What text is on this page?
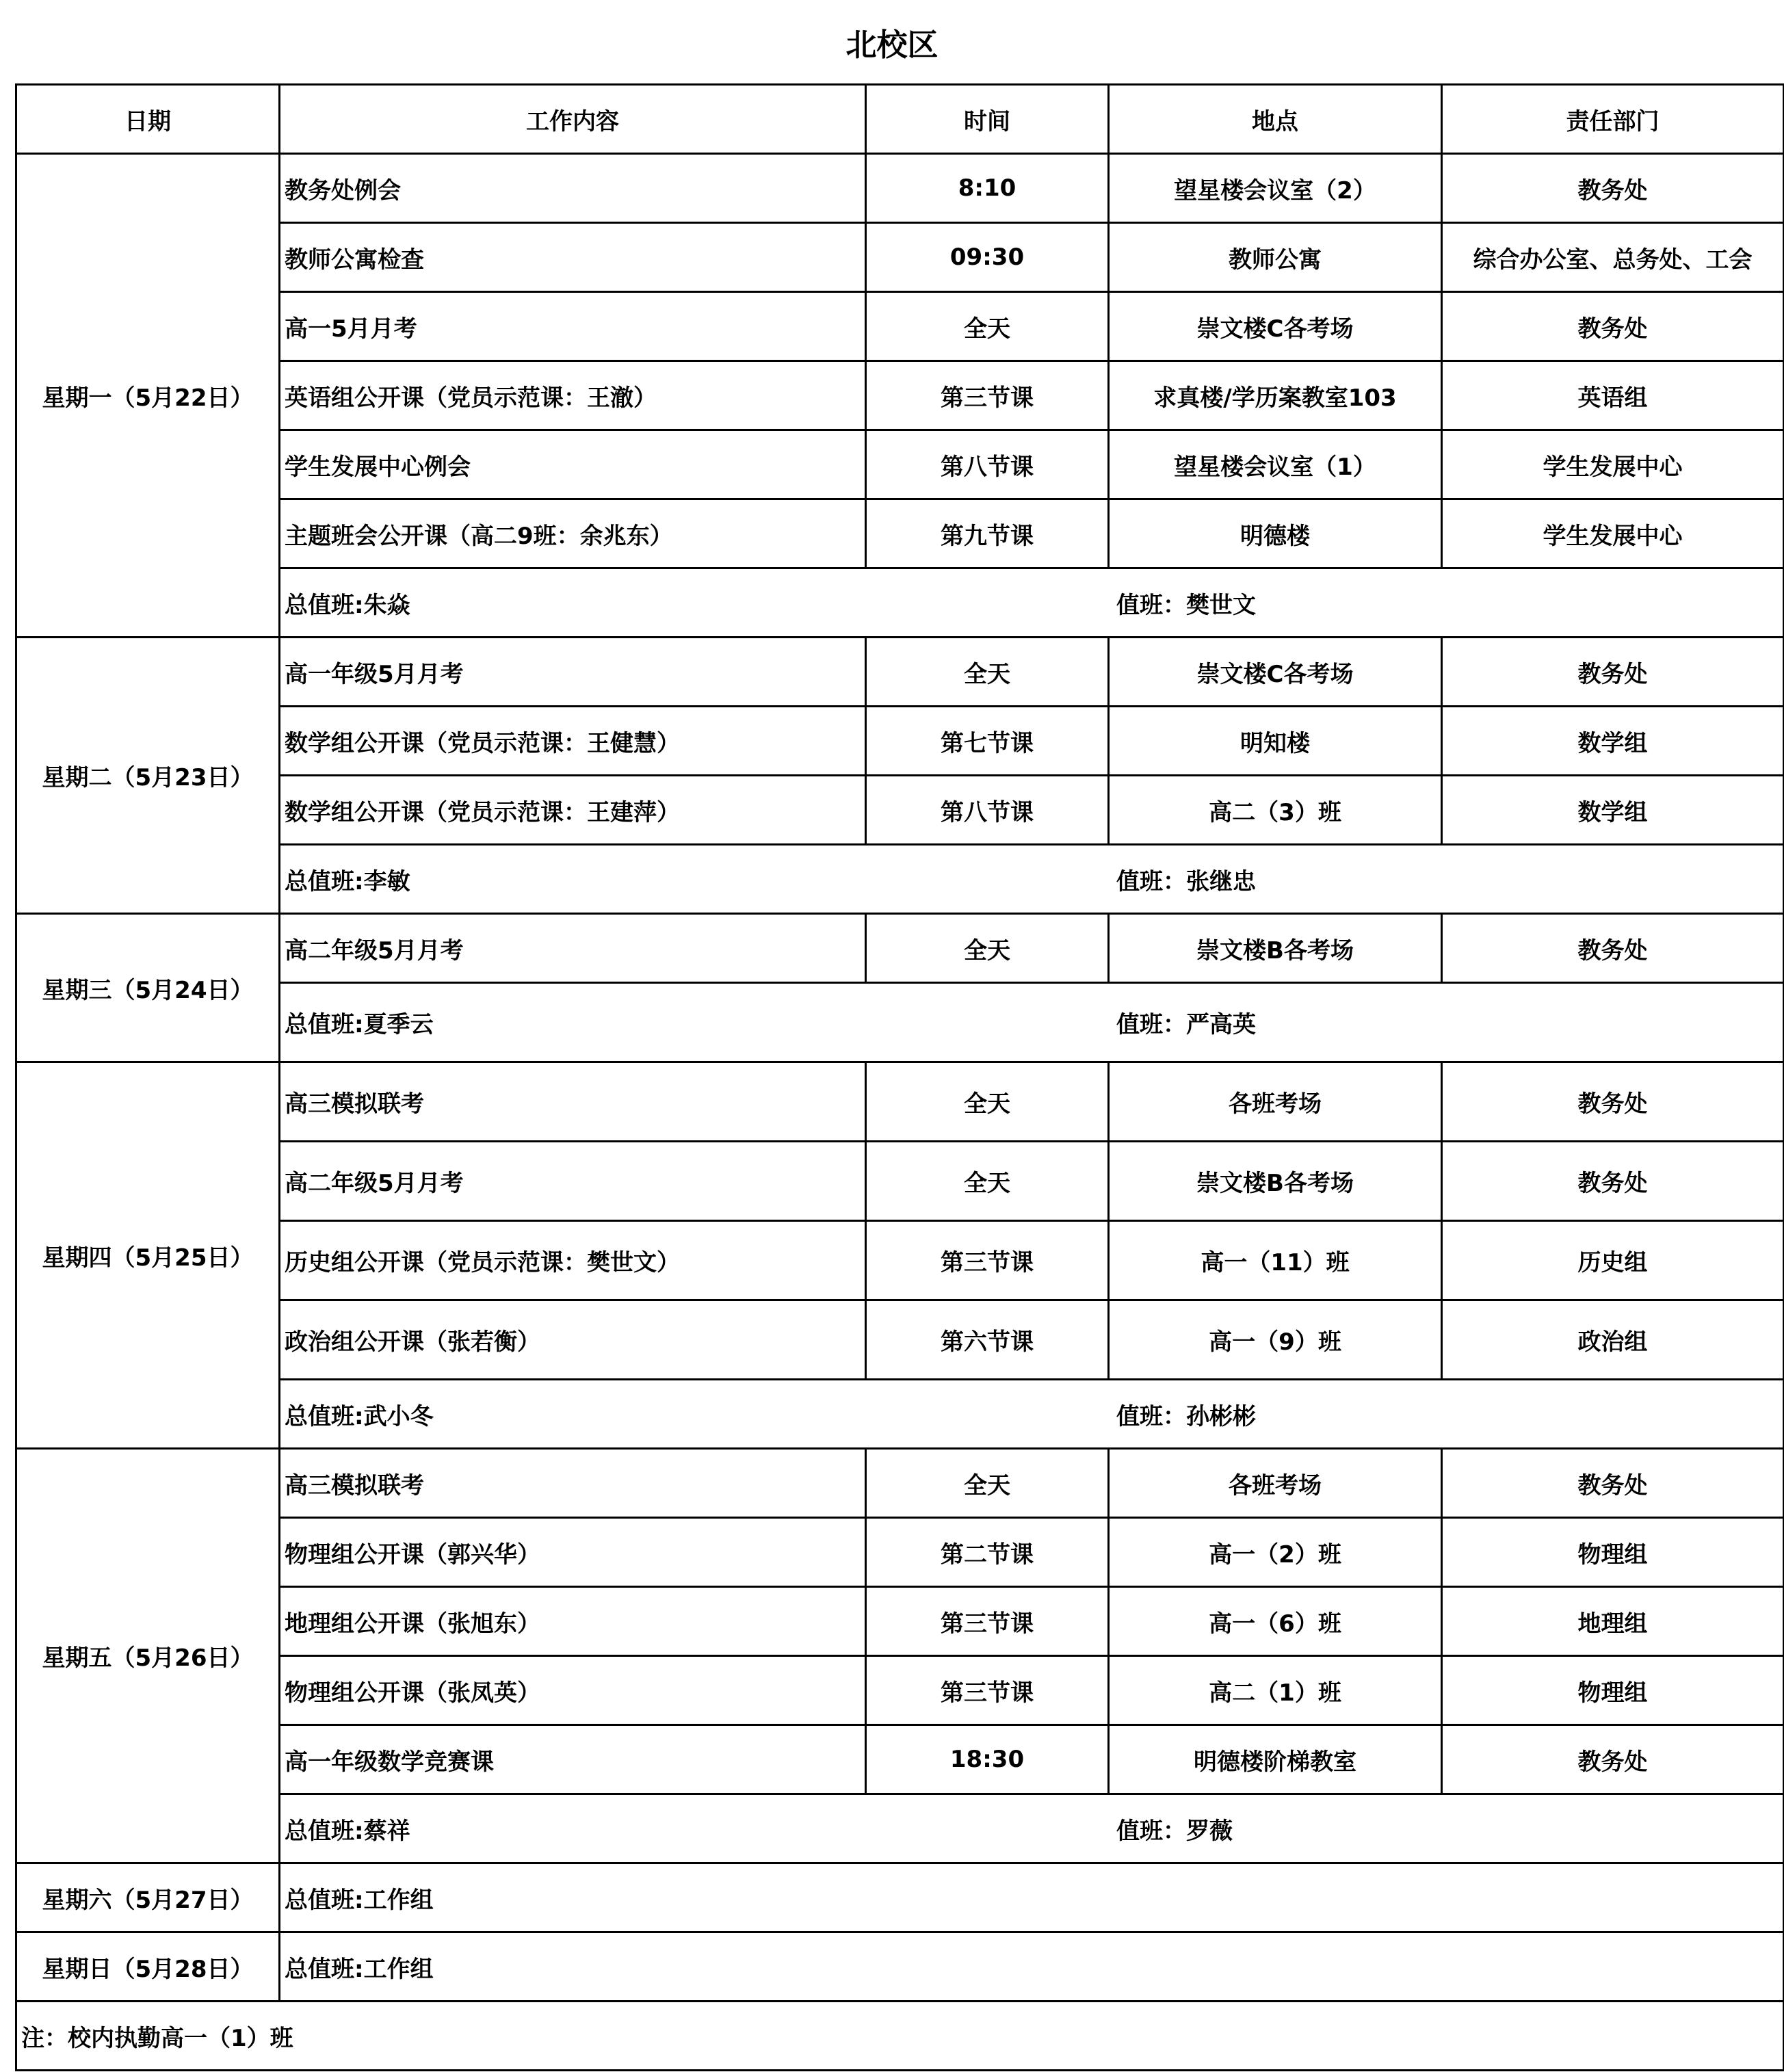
北校区
日期	工作内容	时间	地点	责任部门
星期一（5月22日）	教务处例会	8:10	望星楼会议室（2）	教务处
	教师公寓检查	09:30	教师公寓	综合办公室、总务处、工会
	高一5月月考	全天	崇文楼C各考场	教务处
	英语组公开课（党员示范课：王澈）	第三节课	求真楼/学历案教室103	英语组
	学生发展中心例会	第八节课	望星楼会议室（1）	学生发展中心
	主题班会公开课（高二9班：余兆东）	第九节课	明德楼	学生发展中心

	总值班:朱焱 值班：樊世文			

星期二（5月23日）	高一年级5月月考	全天	崇文楼C各考场	教务处
	数学组公开课（党员示范课：王健慧）	第七节课	明知楼	数学组
	数学组公开课（党员示范课：王建萍）	第八节课	高二（3）班	数学组

	总值班:李敏 值班：张继忠			

星期三（5月24日）	高二年级5月月考	全天	崇文楼B各考场	教务处

	总值班:夏季云 值班：严高英			

星期四（5月25日）	高三模拟联考	全天	各班考场	教务处
	高二年级5月月考	全天	崇文楼B各考场	教务处
	历史组公开课（党员示范课：樊世文）	第三节课	高一（11）班	历史组
	政治组公开课（张若衡）	第六节课	高一（9）班	政治组

	总值班:武小冬 值班：孙彬彬			

星期五（5月26日）	高三模拟联考	全天	各班考场	教务处
	物理组公开课（郭兴华）	第二节课	高一（2）班	物理组
	地理组公开课（张旭东）	第三节课	高一（6）班	地理组
	物理组公开课（张凤英）	第三节课	高二（1）班	物理组
	高一年级数学竞赛课	18:30	明德楼阶梯教室	教务处

	总值班:蔡祥 值班：罗薇			

星期六（5月27日）	总值班:工作组			

星期日（5月28日）	总值班:工作组			

注：校内执勤高一（1）班				
